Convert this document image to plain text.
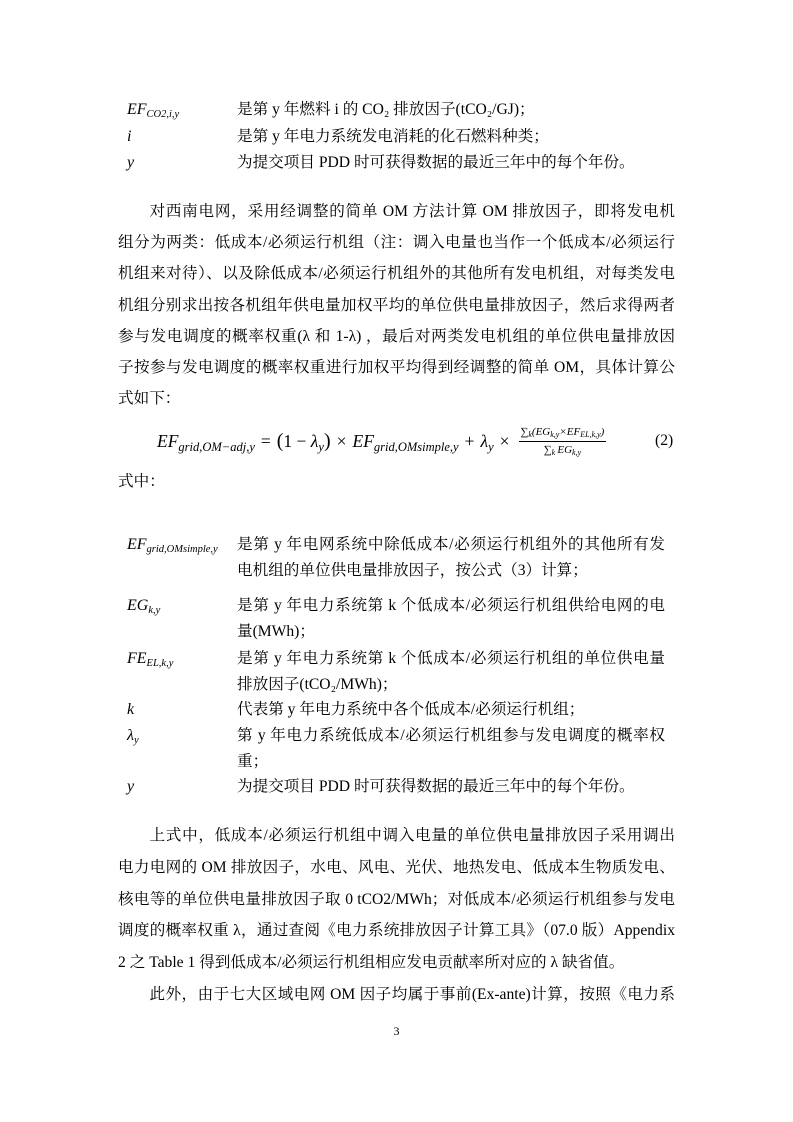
$EF_{CO2,i,y}$	是第 y 年燃料 i 的 CO₂ 排放因子(tCO₂/GJ)；
i	是第 y 年电力系统发电消耗的化石燃料种类；
y	为提交项目 PDD 时可获得数据的最近三年中的每个年份。
对西南电网，采用经调整的简单 OM 方法计算 OM 排放因子，即将发电机
组分为两类：低成本/必须运行机组（注：调入电量也当作一个低成本/必须运行
机组来对待）、以及除低成本/必须运行机组外的其他所有发电机组，对每类发电
机组分别求出按各机组年供电量加权平均的单位供电量排放因子，然后求得两者
参与发电调度的概率权重(λ 和 1-λ) ，最后对两类发电机组的单位供电量排放因
子按参与发电调度的概率权重进行加权平均得到经调整的简单 OM，具体计算公
式如下：
$EF_{grid,OM-adj,y}$ = ( $1 - \lambda_y$ ) × $EF_{grid,OMsimple,y} + \lambda_y \times \frac{\sum_k(EG_{k,y}\times EF_{EL,k,y})}{\sum_k EG_{k,y}}$	(2)
式中：
$EF_{grid,OMsimple,y}$ 是第 y 年电网系统中除低成本/必须运行机组外的其他所有发
电机组的单位供电量排放因子，按公式（3）计算；
$EG_{k,y}$	是第 y 年电力系统第 k 个低成本/必须运行机组供给电网的电
量(MWh)；
$FE_{EL,k,y}$	是第 y 年电力系统第 k 个低成本/必须运行机组的单位供电量
排放因子(tCO₂/MWh)；
k	代表第 y 年电力系统中各个低成本/必须运行机组；
$\lambda_y$	第 y 年电力系统低成本/必须运行机组参与发电调度的概率权
重；
y	为提交项目 PDD 时可获得数据的最近三年中的每个年份。
上式中，低成本/必须运行机组中调入电量的单位供电量排放因子采用调出
电力电网的 OM 排放因子，水电、风电、光伏、地热发电、低成本生物质发电、
核电等的单位供电量排放因子取 0 tCO2/MWh；对低成本/必须运行机组参与发电
调度的概率权重 λ，通过查阅《电力系统排放因子计算工具》（07.0 版）Appendix
2 之 Table 1 得到低成本/必须运行机组相应发电贡献率所对应的 λ 缺省值。
此外，由于七大区域电网 OM 因子均属于事前(Ex-ante)计算，按照《电力系
3
